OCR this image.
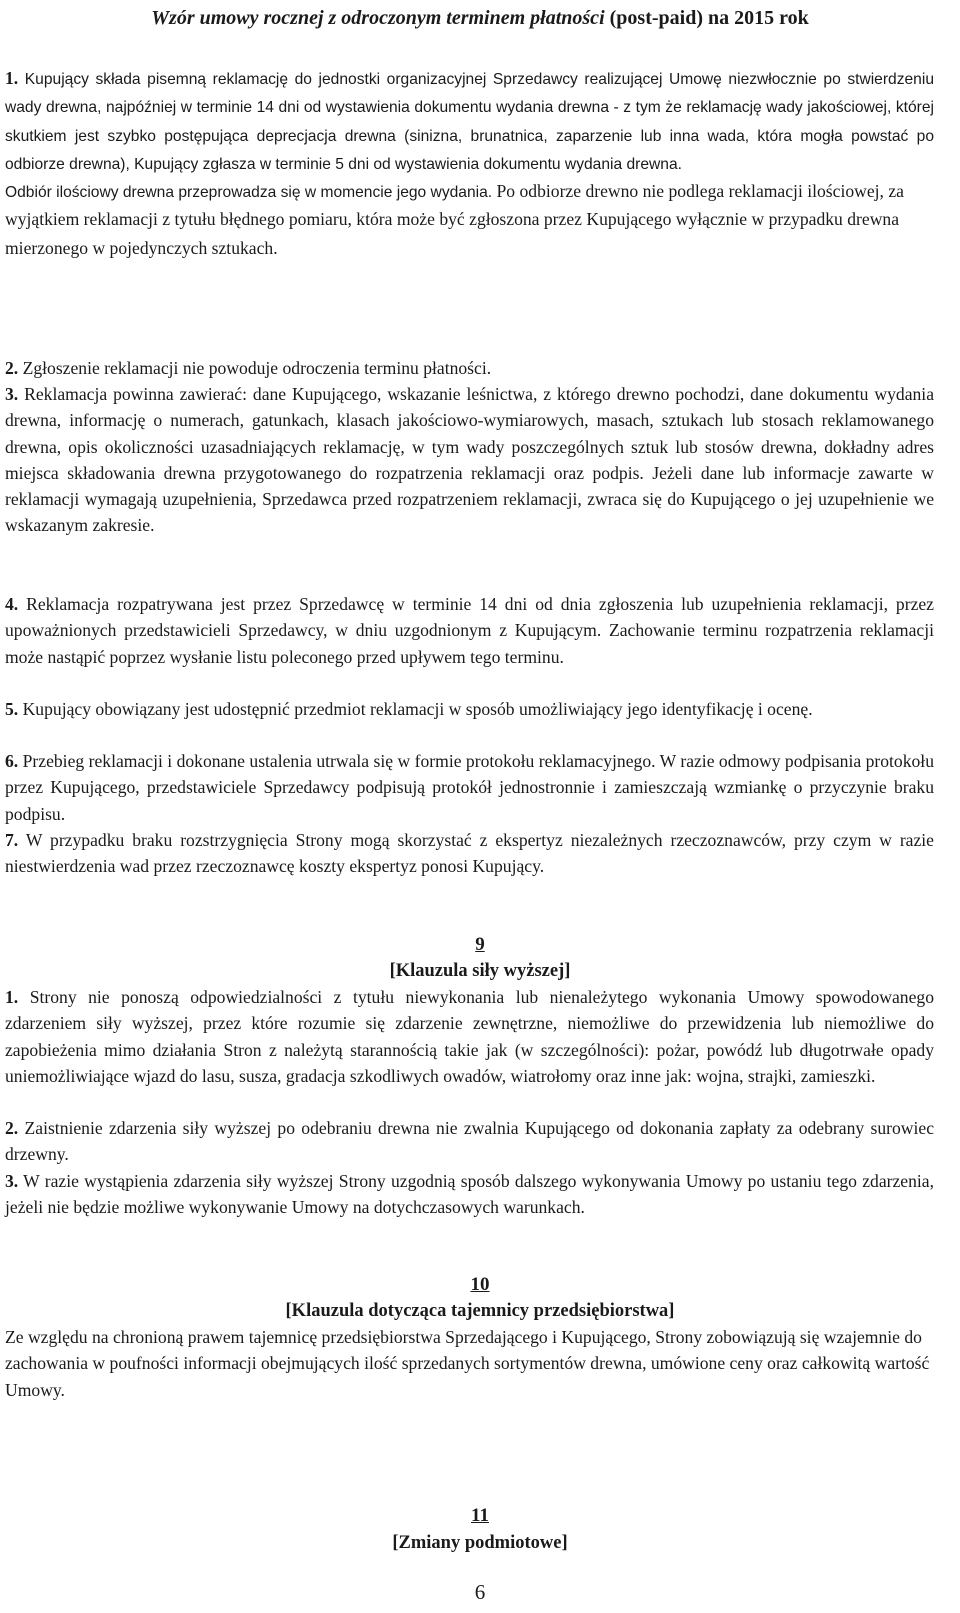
Wzór umowy rocznej z odroczonym terminem płatności (post-paid) na 2015 rok
1. Kupujący składa pisemną reklamację do jednostki organizacyjnej Sprzedawcy realizującej Umowę niezwłocznie po stwierdzeniu wady drewna, najpóźniej w terminie 14 dni od wystawienia dokumentu wydania drewna - z tym że reklamację wady jakościowej, której skutkiem jest szybko postępująca deprecjacja drewna (sinizna, brunatnica, zaparzenie lub inna wada, która mogła powstać po odbiorze drewna), Kupujący zgłasza w terminie 5 dni od wystawienia dokumentu wydania drewna.
Odbiór ilościowy drewna przeprowadza się w momencie jego wydania. Po odbiorze drewno nie podlega reklamacji ilościowej, za wyjątkiem reklamacji z tytułu błędnego pomiaru, która może być zgłoszona przez Kupującego wyłącznie w przypadku drewna mierzonego w pojedynczych sztukach.
2. Zgłoszenie reklamacji nie powoduje odroczenia terminu płatności.
3. Reklamacja powinna zawierać: dane Kupującego, wskazanie leśnictwa, z którego drewno pochodzi, dane dokumentu wydania drewna, informację o numerach, gatunkach, klasach jakościowo-wymiarowych, masach, sztukach lub stosach reklamowanego drewna, opis okoliczności uzasadniających reklamację, w tym wady poszczególnych sztuk lub stosów drewna, dokładny adres miejsca składowania drewna przygotowanego do rozpatrzenia reklamacji oraz podpis. Jeżeli dane lub informacje zawarte w reklamacji wymagają uzupełnienia, Sprzedawca przed rozpatrzeniem reklamacji, zwraca się do Kupującego o jej uzupełnienie we wskazanym zakresie.
4. Reklamacja rozpatrywana jest przez Sprzedawcę w terminie 14 dni od dnia zgłoszenia lub uzupełnienia reklamacji, przez upoważnionych przedstawicieli Sprzedawcy, w dniu uzgodnionym z Kupującym. Zachowanie terminu rozpatrzenia reklamacji może nastąpić poprzez wysłanie listu poleconego przed upływem tego terminu.
5. Kupujący obowiązany jest udostępnić przedmiot reklamacji w sposób umożliwiający jego identyfikację i ocenę.
6. Przebieg reklamacji i dokonane ustalenia utrwala się w formie protokołu reklamacyjnego. W razie odmowy podpisania protokołu przez Kupującego, przedstawiciele Sprzedawcy podpisują protokół jednostronnie i zamieszczają wzmiankę o przyczynie braku podpisu.
7. W przypadku braku rozstrzygnięcia Strony mogą skorzystać z ekspertyz niezależnych rzeczoznawców, przy czym w razie niestwierdzenia wad przez rzeczoznawcę koszty ekspertyz ponosi Kupujący.
9
[Klauzula siły wyższej]
1. Strony nie ponoszą odpowiedzialności z tytułu niewykonania lub nienależytego wykonania Umowy spowodowanego zdarzeniem siły wyższej, przez które rozumie się zdarzenie zewnętrzne, niemożliwe do przewidzenia lub niemożliwe do zapobieżenia mimo działania Stron z należytą starannością takie jak (w szczególności): pożar, powódź lub długotrwałe opady uniemożliwiające wjazd do lasu, susza, gradacja szkodliwych owadów, wiatrołomy oraz inne jak: wojna, strajki, zamieszki.
2. Zaistnienie zdarzenia siły wyższej po odebraniu drewna nie zwalnia Kupującego od dokonania zapłaty za odebrany surowiec drzewny.
3. W razie wystąpienia zdarzenia siły wyższej Strony uzgodnią sposób dalszego wykonywania Umowy po ustaniu tego zdarzenia, jeżeli nie będzie możliwe wykonywanie Umowy na dotychczasowych warunkach.
10
[Klauzula dotycząca tajemnicy przedsiębiorstwa]
Ze względu na chronioną prawem tajemnicę przedsiębiorstwa Sprzedającego i Kupującego, Strony zobowiązują się wzajemnie do zachowania w poufności informacji obejmujących ilość sprzedanych sortymentów drewna, umówione ceny oraz całkowitą wartość Umowy.
11
[Zmiany podmiotowe]
6
